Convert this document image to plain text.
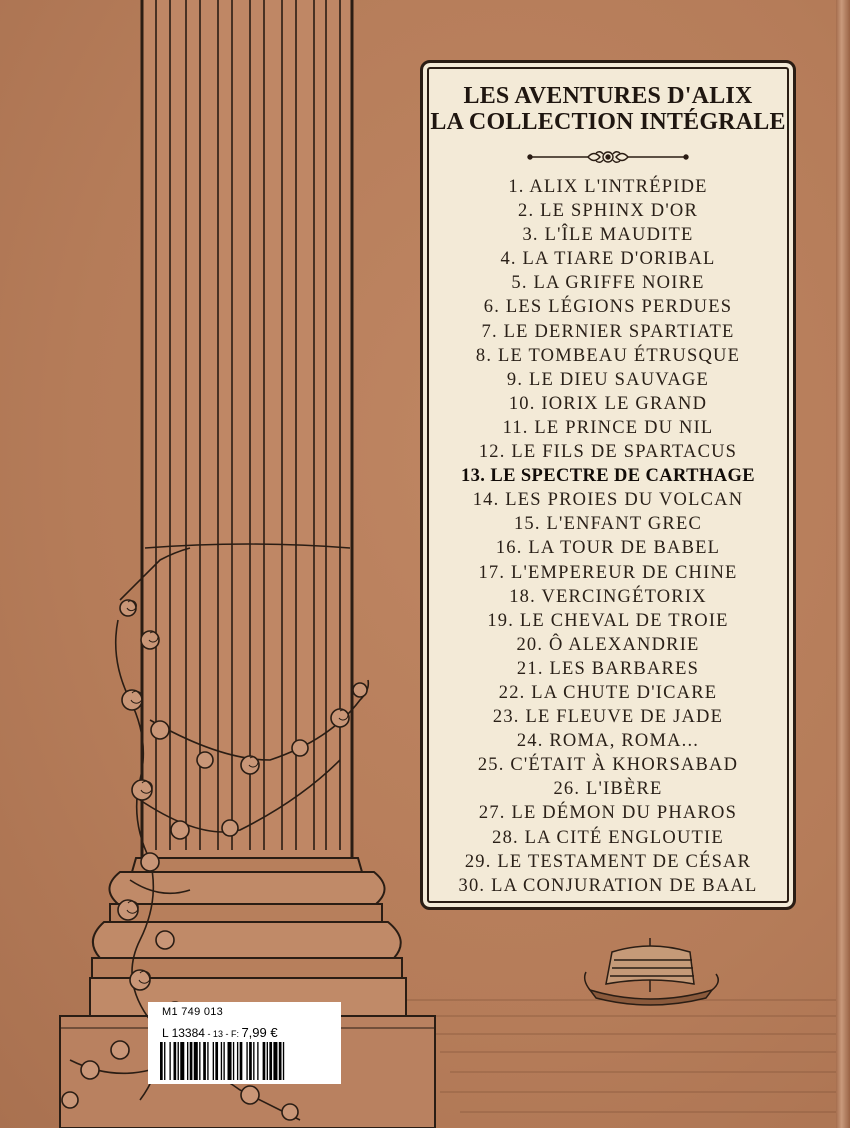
LES AVENTURES D'ALIX
LA COLLECTION INTÉGRALE
1. ALIX L'INTRÉPIDE
2. LE SPHINX D'OR
3. L'ÎLE MAUDITE
4. LA TIARE D'ORIBAL
5. LA GRIFFE NOIRE
6. LES LÉGIONS PERDUES
7. LE DERNIER SPARTIATE
8. LE TOMBEAU ÉTRUSQUE
9. LE DIEU SAUVAGE
10. IORIX LE GRAND
11. LE PRINCE DU NIL
12. LE FILS DE SPARTACUS
13. LE SPECTRE DE CARTHAGE
14. LES PROIES DU VOLCAN
15. L'ENFANT GREC
16. LA TOUR DE BABEL
17. L'EMPEREUR DE CHINE
18. VERCINGÉTORIX
19. LE CHEVAL DE TROIE
20. Ô ALEXANDRIE
21. LES BARBARES
22. LA CHUTE D'ICARE
23. LE FLEUVE DE JADE
24. ROMA, ROMA...
25. C'ÉTAIT À KHORSABAD
26. L'IBÈRE
27. LE DÉMON DU PHAROS
28. LA CITÉ ENGLOUTIE
29. LE TESTAMENT DE CÉSAR
30. LA CONJURATION DE BAAL
M1 749 013
L 13384 - 13 - F: 7,99 €
